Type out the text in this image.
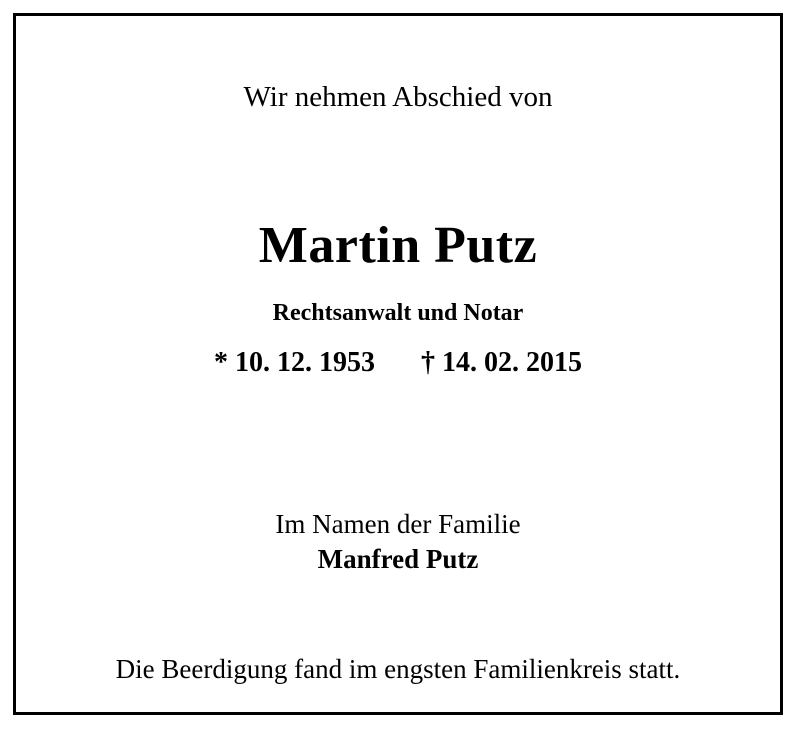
Wir nehmen Abschied von
Martin Putz
Rechtsanwalt und Notar
* 10. 12. 1953 † 14. 02. 2015
Im Namen der Familie
Manfred Putz
Die Beerdigung fand im engsten Familienkreis statt.
